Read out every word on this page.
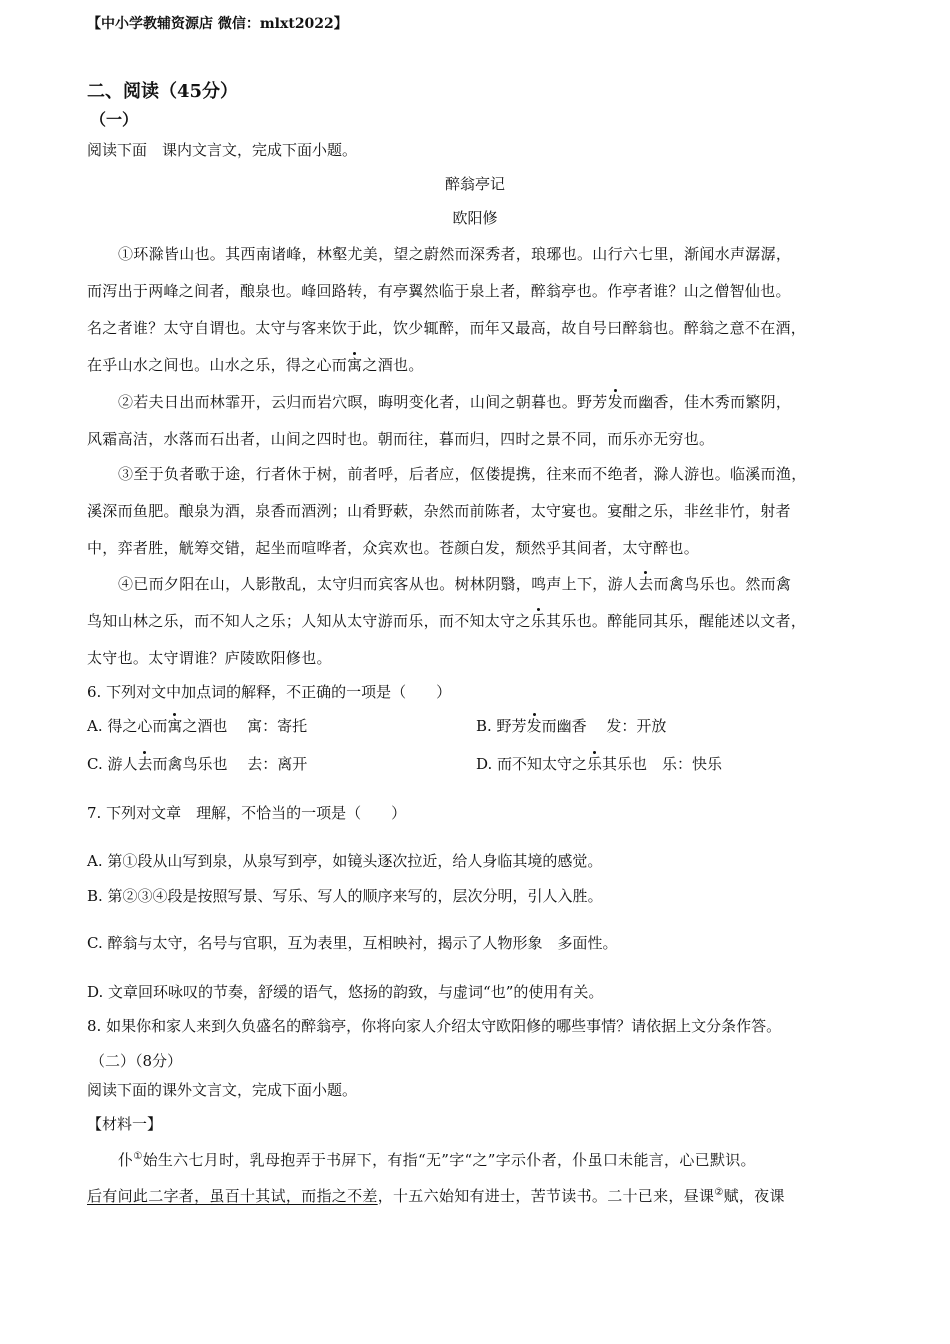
【中小学教辅资源店 微信：mlxt2022】
二、阅读（45分）
（一）
阅读下面　课内文言文，完成下面小题。
醉翁亭记
欧阳修
①环滁皆山也。其西南诸峰，林壑尤美，望之蔚然而深秀者，琅琊也。山行六七里，渐闻水声潺潺，
而泻出于两峰之间者，酿泉也。峰回路转，有亭翼然临于泉上者，醉翁亭也。作亭者谁？山之僧智仙也。
名之者谁？太守自谓也。太守与客来饮于此，饮少辄醉，而年又最高，故自号曰醉翁也。醉翁之意不在酒，
在乎山水之间也。山水之乐，得之心而寓之酒也。
②若夫日出而林霏开，云归而岩穴暝，晦明变化者，山间之朝暮也。野芳发而幽香，佳木秀而繁阴，
风霜高洁，水落而石出者，山间之四时也。朝而往，暮而归，四时之景不同，而乐亦无穷也。
③至于负者歌于途，行者休于树，前者呼，后者应，伛偻提携，往来而不绝者，滁人游也。临溪而渔，
溪深而鱼肥。酿泉为酒，泉香而酒洌；山肴野蔌，杂然而前陈者，太守宴也。宴酣之乐，非丝非竹，射者
中，弈者胜，觥筹交错，起坐而喧哗者，众宾欢也。苍颜白发，颓然乎其间者，太守醉也。
④已而夕阳在山，人影散乱，太守归而宾客从也。树林阴翳，鸣声上下，游人去而禽鸟乐也。然而禽
鸟知山林之乐，而不知人之乐；人知从太守游而乐，而不知太守之乐其乐也。醉能同其乐，醒能述以文者，
太守也。太守谓谁？庐陵欧阳修也。
6. 下列对文中加点词的解释，不正确的一项是（　　）
A. 得之心而寓之酒也　 寓：寄托	B. 野芳发而幽香　 发：开放
C. 游人去而禽鸟乐也　 去：离开	D. 而不知太守之乐其乐也　乐：快乐
7. 下列对文章　理解，不恰当的一项是（　　）
A. 第①段从山写到泉，从泉写到亭，如镜头逐次拉近，给人身临其境的感觉。
B. 第②③④段是按照写景、写乐、写人的顺序来写的，层次分明，引人入胜。
C. 醉翁与太守，名号与官职，互为表里，互相映衬，揭示了人物形象　多面性。
D. 文章回环咏叹的节奏，舒缓的语气，悠扬的韵致，与虚词“也”的使用有关。
8. 如果你和家人来到久负盛名的醉翁亭，你将向家人介绍太守欧阳修的哪些事情？请依据上文分条作答。
（二）（8分）
阅读下面的课外文言文，完成下面小题。
【材料一】
仆①始生六七月时，乳母抱弄于书屏下，有指“无”字“之”字示仆者，仆虽口未能言，心已默识。
后有问此二字者，虽百十其试，而指之不差，十五六始知有进士，苦节读书。二十已来，昼课②赋，夜课
